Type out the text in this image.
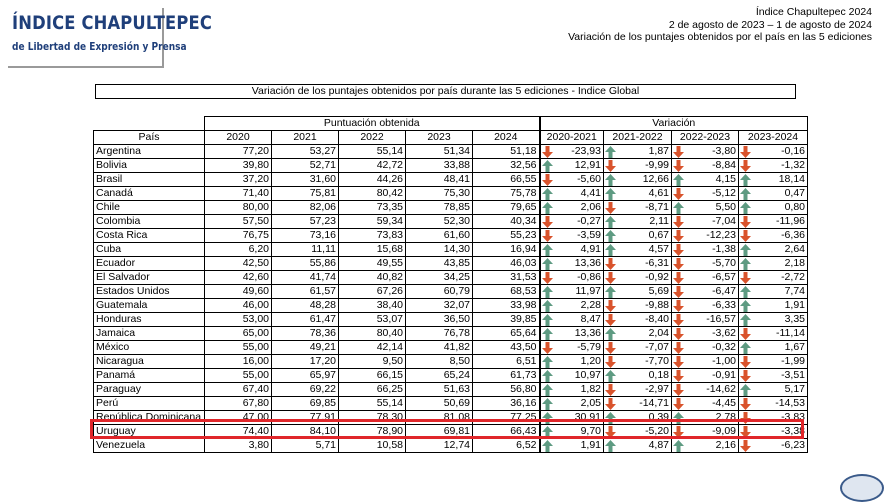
ÍNDICE CHAPULTEPEC
de Libertad de Expresión y Prensa
Índice Chapultepec 2024
2 de agosto de 2023 – 1 de agosto de 2024
Variación de los puntajes obtenidos por el país en las 5 ediciones
Variación de los puntajes obtenidos por país durante las 5 ediciones - Indice Global
	Puntuación obtenida					Variación			
País	2020	2021	2022	2023	2024	2020-2021	2021-2022	2022-2023	2023-2024
Argentina	77,20	53,27	55,14	51,34	51,18	-23,93	1,87	-3,80	-0,16
Bolivia	39,80	52,71	42,72	33,88	32,56	12,91	-9,99	-8,84	-1,32
Brasil	37,20	31,60	44,26	48,41	66,55	-5,60	12,66	4,15	18,14
Canadá	71,40	75,81	80,42	75,30	75,78	4,41	4,61	-5,12	0,47
Chile	80,00	82,06	73,35	78,85	79,65	2,06	-8,71	5,50	0,80
Colombia	57,50	57,23	59,34	52,30	40,34	-0,27	2,11	-7,04	-11,96
Costa Rica	76,75	73,16	73,83	61,60	55,23	-3,59	0,67	-12,23	-6,36
Cuba	6,20	11,11	15,68	14,30	16,94	4,91	4,57	-1,38	2,64
Ecuador	42,50	55,86	49,55	43,85	46,03	13,36	-6,31	-5,70	2,18
El Salvador	42,60	41,74	40,82	34,25	31,53	-0,86	-0,92	-6,57	-2,72
Estados Unidos	49,60	61,57	67,26	60,79	68,53	11,97	5,69	-6,47	7,74
Guatemala	46,00	48,28	38,40	32,07	33,98	2,28	-9,88	-6,33	1,91
Honduras	53,00	61,47	53,07	36,50	39,85	8,47	-8,40	-16,57	3,35
Jamaica	65,00	78,36	80,40	76,78	65,64	13,36	2,04	-3,62	-11,14
México	55,00	49,21	42,14	41,82	43,50	-5,79	-7,07	-0,32	1,67
Nicaragua	16,00	17,20	9,50	8,50	6,51	1,20	-7,70	-1,00	-1,99
Panamá	55,00	65,97	66,15	65,24	61,73	10,97	0,18	-0,91	-3,51
Paraguay	67,40	69,22	66,25	51,63	56,80	1,82	-2,97	-14,62	5,17
Perú	67,80	69,85	55,14	50,69	36,16	2,05	-14,71	-4,45	-14,53
República Dominicana	47,00	77,91	78,30	81,08	77,25	30,91	0,39	2,78	-3,83
Uruguay	74,40	84,10	78,90	69,81	66,43	9,70	-5,20	-9,09	-3,38
Venezuela	3,80	5,71	10,58	12,74	6,52	1,91	4,87	2,16	-6,23
